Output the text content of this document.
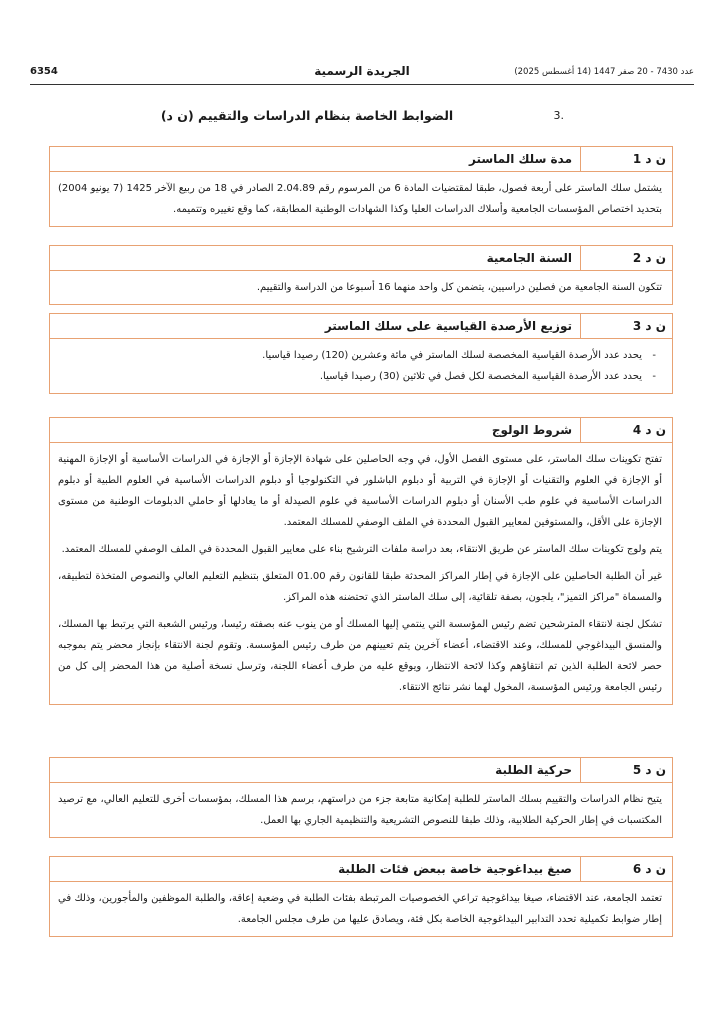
6354	الجريدة الرسمية	عدد 7430 - 20 صفر 1447 (14 أغسطس 2025)
3.
الضوابط الخاصة بنظام الدراسات والتقييم (ن د)
ن د 1
مدة سلك الماستر

يشتمل سلك الماستر على أربعة فصول، طبقا لمقتضيات المادة 6 من المرسوم رقم 2.04.89 الصادر في 18 من ربيع الآخر 1425 (7 يونيو 2004) بتحديد اختصاص المؤسسات الجامعية وأسلاك الدراسات العليا وكذا الشهادات الوطنية المطابقة، كما وقع تغييره وتتميمه.

ن د 2
السنة الجامعية

تتكون السنة الجامعية من فصلين دراسيين، يتضمن كل واحد منهما 16 أسبوعا من الدراسة والتقييم.

ن د 3
توزيع الأرصدة القياسية على سلك الماستر
- يحدد عدد الأرصدة القياسية المخصصة لسلك الماستر في مائة وعشرين (120) رصيدا قياسيا.
- يحدد عدد الأرصدة القياسية المخصصة لكل فصل في ثلاثين (30) رصيدا قياسيا.
ن د 4
شروط الولوج

تفتح تكوينات سلك الماستر، على مستوى الفصل الأول، في وجه الحاصلين على شهادة الإجازة أو الإجازة في الدراسات الأساسية أو الإجازة المهنية أو الإجازة في العلوم والتقنيات أو الإجازة في التربية أو دبلوم الباشلور في التكنولوجيا أو دبلوم الدراسات الأساسية في العلوم الطبية أو دبلوم الدراسات الأساسية في علوم طب الأسنان أو دبلوم الدراسات الأساسية في علوم الصيدلة أو ما يعادلها أو حاملي الدبلومات الوطنية من مستوى الإجازة على الأقل، والمستوفين لمعايير القبول المحددة في الملف الوصفي للمسلك المعتمد.

يتم ولوج تكوينات سلك الماستر عن طريق الانتقاء، بعد دراسة ملفات الترشيح بناء على معايير القبول المحددة في الملف الوصفي للمسلك المعتمد.

غير أن الطلبة الحاصلين على الإجازة في إطار المراكز المحدثة طبقا للقانون رقم 01.00 المتعلق بتنظيم التعليم العالي والنصوص المتخذة لتطبيقه، والمسماة "مراكز التميز"، يلجون، بصفة تلقائية، إلى سلك الماستر الذي تحتضنه هذه المراكز.

تشكل لجنة لانتقاء المترشحين تضم رئيس المؤسسة التي ينتمي إليها المسلك أو من ينوب عنه بصفته رئيسا، ورئيس الشعبة التي يرتبط بها المسلك، والمنسق البيداغوجي للمسلك، وعند الاقتضاء، أعضاء آخرين يتم تعيينهم من طرف رئيس المؤسسة. وتقوم لجنة الانتقاء بإنجاز محضر يتم بموجبه حصر لائحة الطلبة الذين تم انتقاؤهم وكذا لائحة الانتظار، ويوقع عليه من طرف أعضاء اللجنة، وترسل نسخة أصلية من هذا المحضر إلى كل من رئيس الجامعة ورئيس المؤسسة، المخول لهما نشر نتائج الانتقاء.

ن د 5
حركية الطلبة

يتيح نظام الدراسات والتقييم بسلك الماستر للطلبة إمكانية متابعة جزء من دراستهم، برسم هذا المسلك، بمؤسسات أخرى للتعليم العالي، مع ترصيد المكتسبات في إطار الحركية الطلابية، وذلك طبقا للنصوص التشريعية والتنظيمية الجاري بها العمل.

ن د 6
صيغ بيداغوجية خاصة ببعض فئات الطلبة

تعتمد الجامعة، عند الاقتضاء، صيغا بيداغوجية تراعي الخصوصيات المرتبطة بفئات الطلبة في وضعية إعاقة، والطلبة الموظفين والمأجورين، وذلك في إطار ضوابط تكميلية تحدد التدابير البيداغوجية الخاصة بكل فئة، ويصادق عليها من طرف مجلس الجامعة.
